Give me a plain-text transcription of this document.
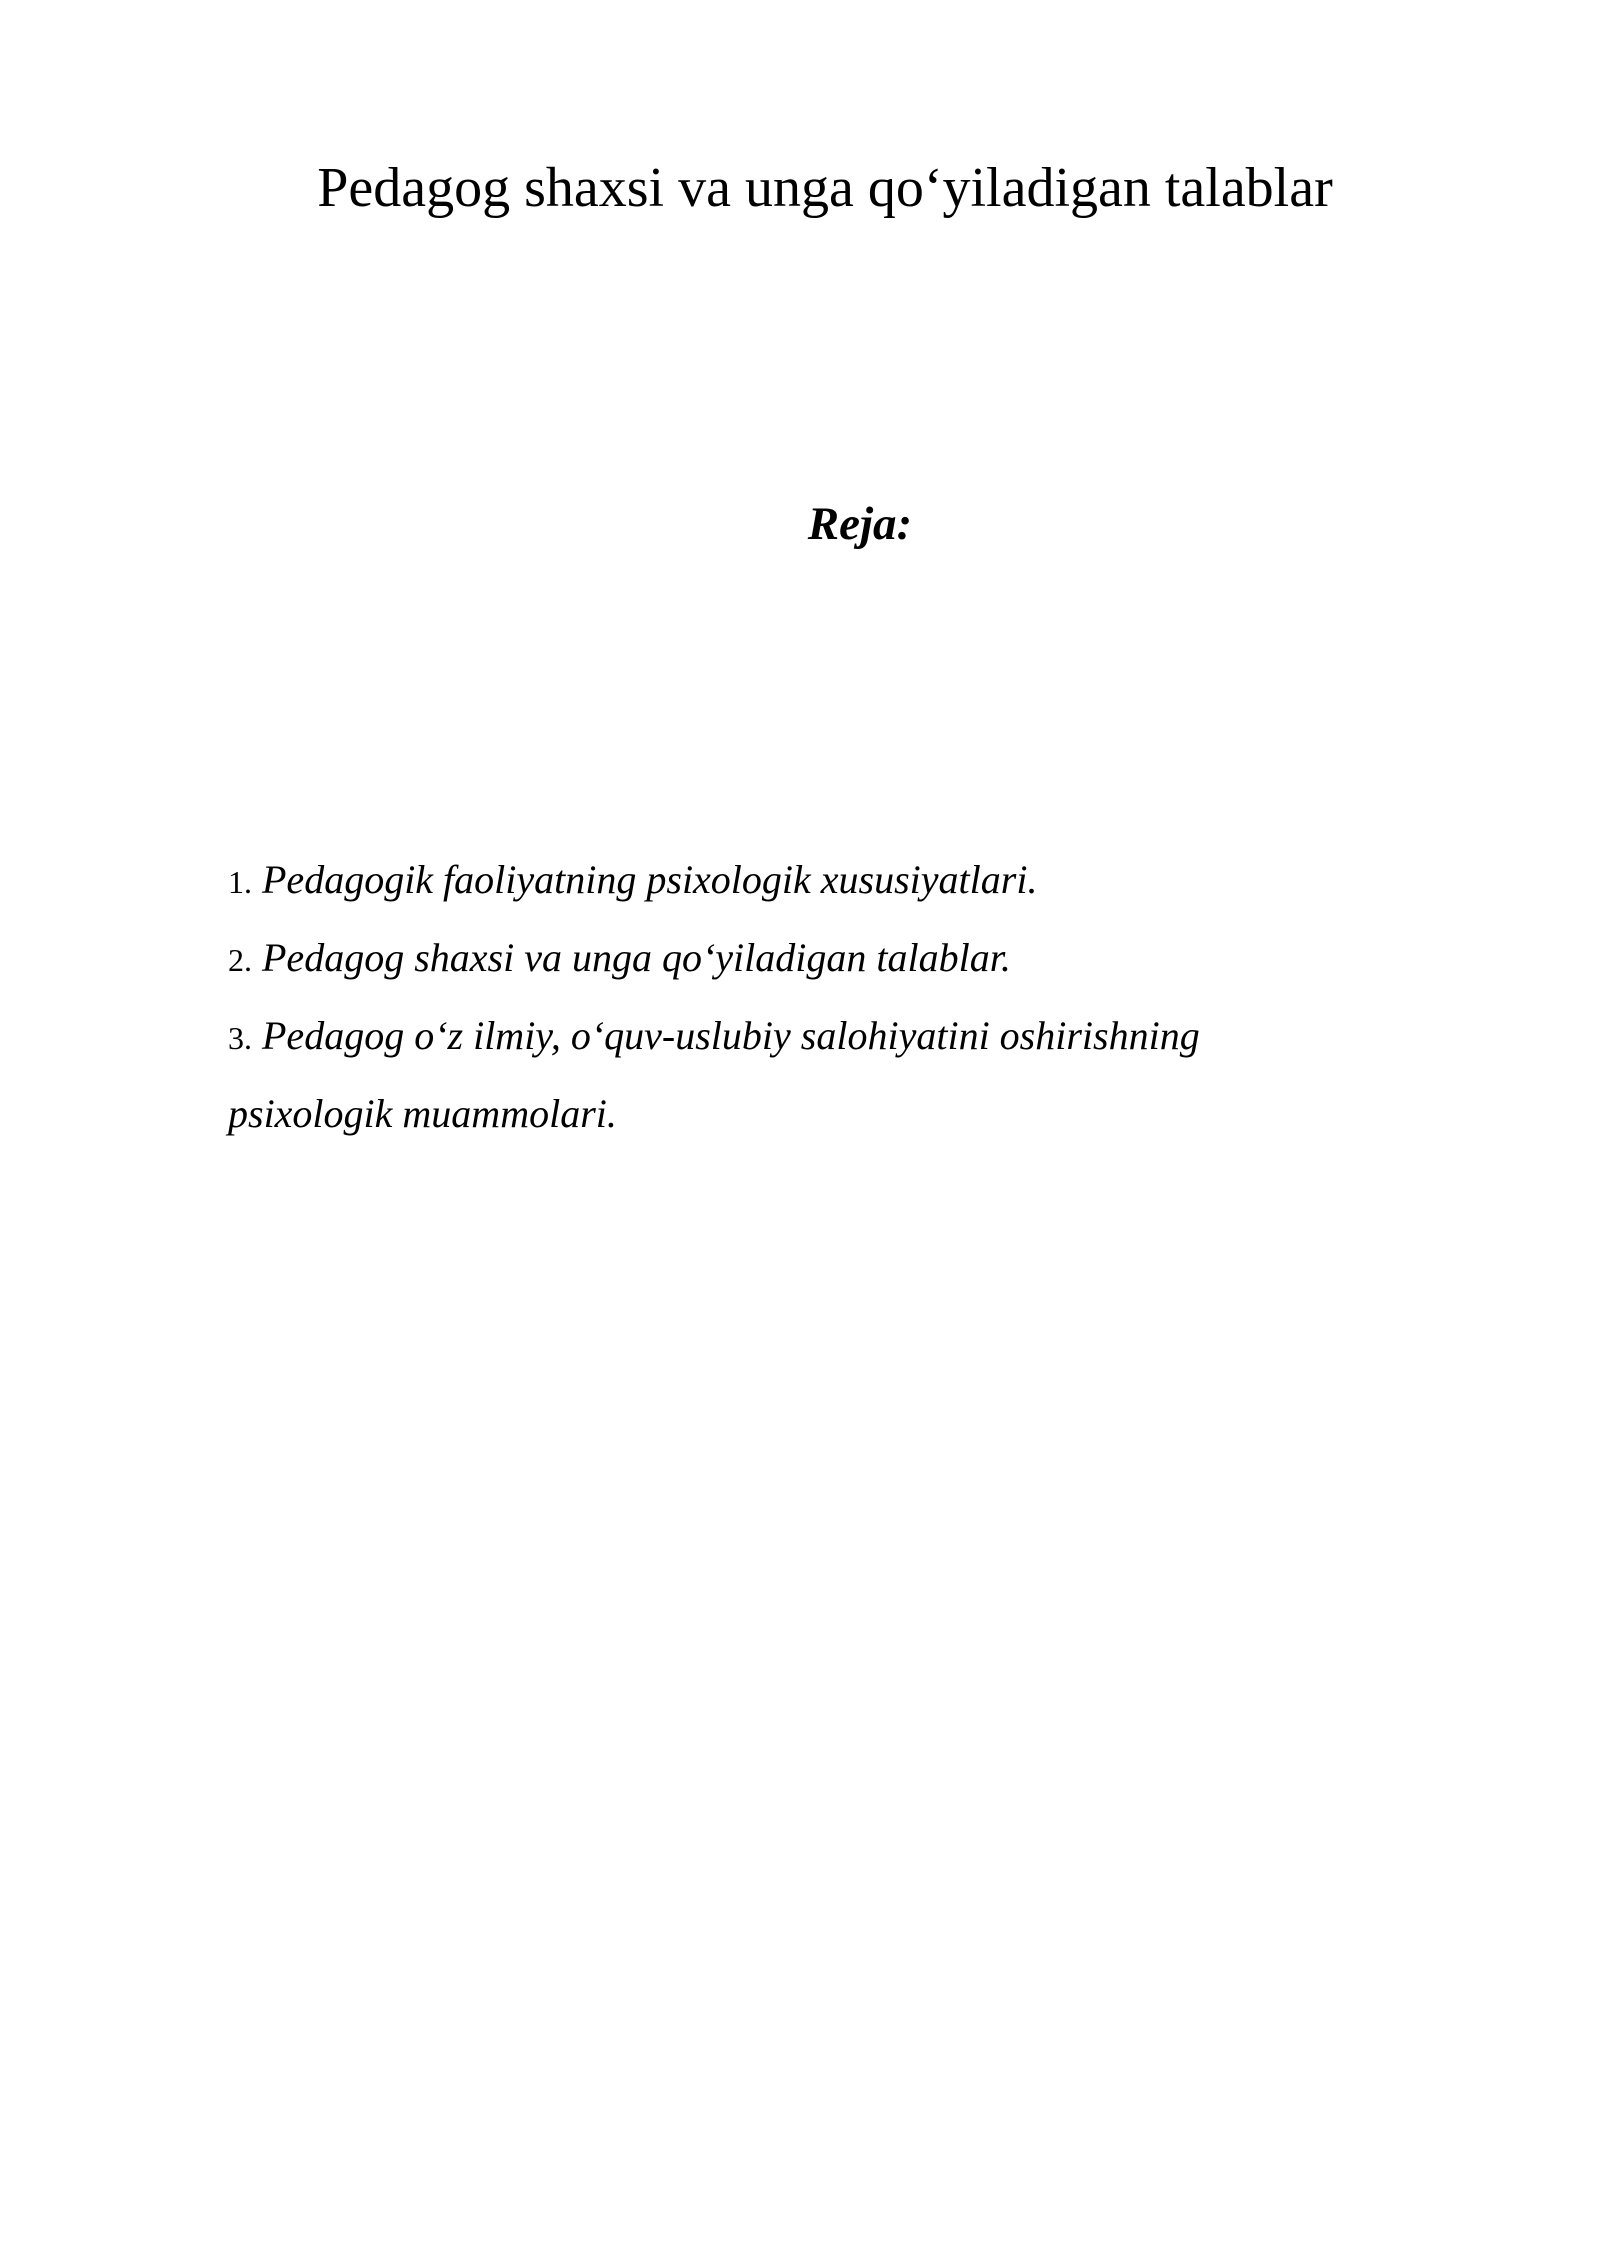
Pedagog shaxsi va unga qo‘yiladigan talablar
Reja:
1. Pedagogik faoliyatning psixologik xususiyatlari.
2. Pedagog shaxsi va unga qo‘yiladigan talablar.
3. Pedagog o‘z ilmiy, o‘quv-uslubiy salohiyatini oshirishning
psixologik muammolari.
